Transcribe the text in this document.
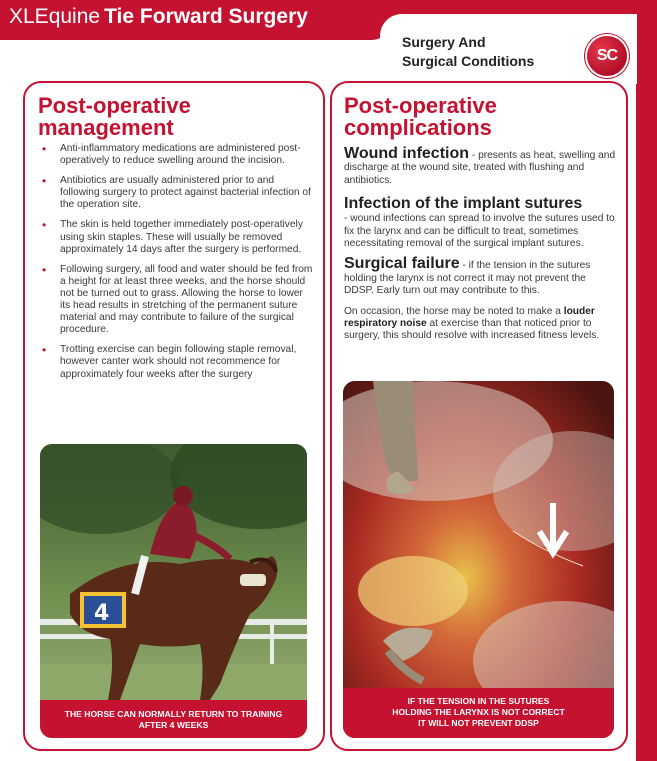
XLEquine Tie Forward Surgery
Surgery And
Surgical Conditions	SC
Post-operative
management
• Anti-inflammatory medications are administered post-operatively to reduce swelling around the incision.
• Antibiotics are usually administered prior to and following surgery to protect against bacterial infection of the operation site.
• The skin is held together immediately post-operatively using skin staples. These will usually be removed approximately 14 days after the surgery is performed.
• Following surgery, all food and water should be fed from a height for at least three weeks, and the horse should not be turned out to grass. Allowing the horse to lower its head results in stretching of the permanent suture material and may contribute to failure of the surgical procedure.
• Trotting exercise can begin following staple removal, however canter work should not recommence for approximately four weeks after the surgery
4
THE HORSE CAN NORMALLY RETURN TO TRAINING AFTER 4 WEEKS
Post-operative
complications
Wound infection - presents as heat, swelling and discharge at the wound site, treated with flushing and antibiotics.
Infection of the implant sutures
- wound infections can spread to involve the sutures used to fix the larynx and can be difficult to treat, sometimes necessitating removal of the surgical implant sutures.
Surgical failure - if the tension in the sutures holding the larynx is not correct it may not prevent the DDSP. Early turn out may contribute to this.
On occasion, the horse may be noted to make a louder respiratory noise at exercise than that noticed prior to surgery, this should resolve with increased fitness levels.
IF THE TENSION IN THE SUTURES
HOLDING THE LARYNX IS NOT CORRECT
IT WILL NOT PREVENT DDSP
